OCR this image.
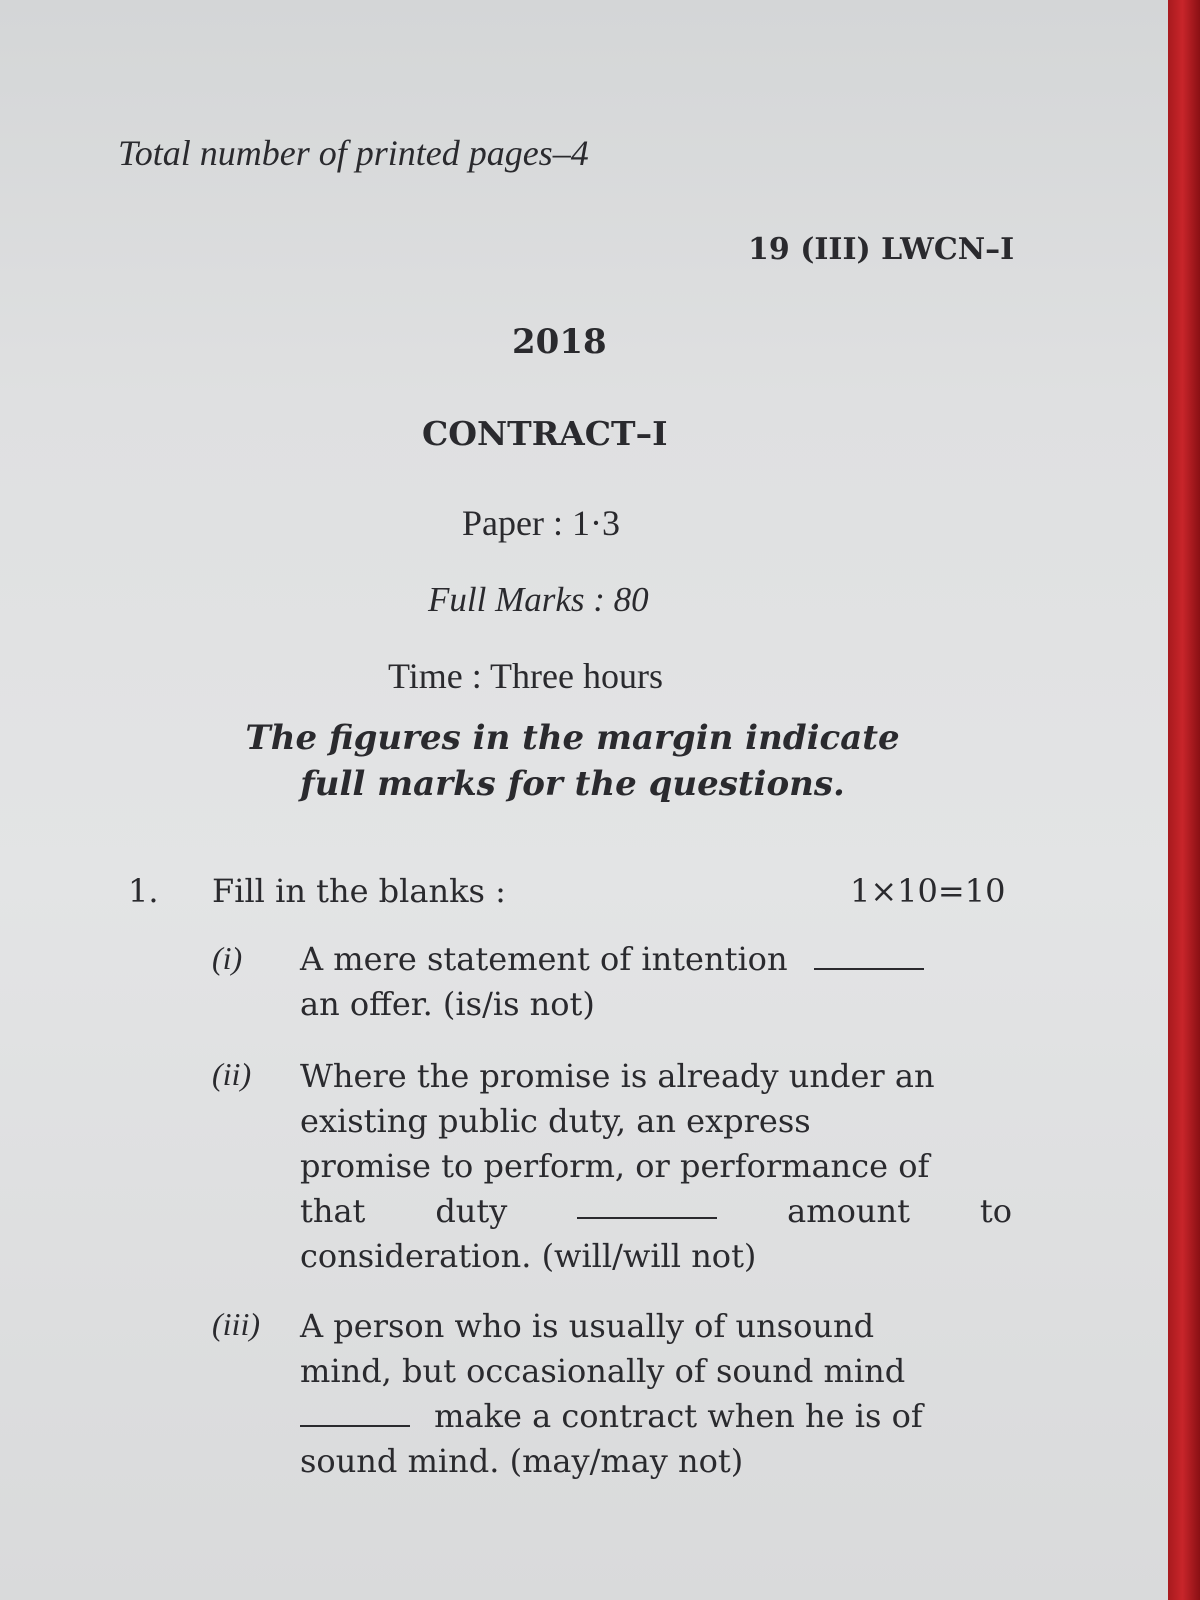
Total number of printed pages–4
19 (III) LWCN–I
2018
CONTRACT–I
Paper : 1·3
Full Marks : 80
Time : Three hours
The figures in the margin indicate
full marks for the questions.
1. Fill in the blanks :	1×10=10
(i) A mere statement of intention
an offer. (is/is not)
(ii) Where the promise is already under an
existing public duty, an express
promise to perform, or performance of
that duty	amount to
consideration. (will/will not)
(iii) A person who is usually of unsound
mind, but occasionally of sound mind
make a contract when he is of
sound mind. (may/may not)
